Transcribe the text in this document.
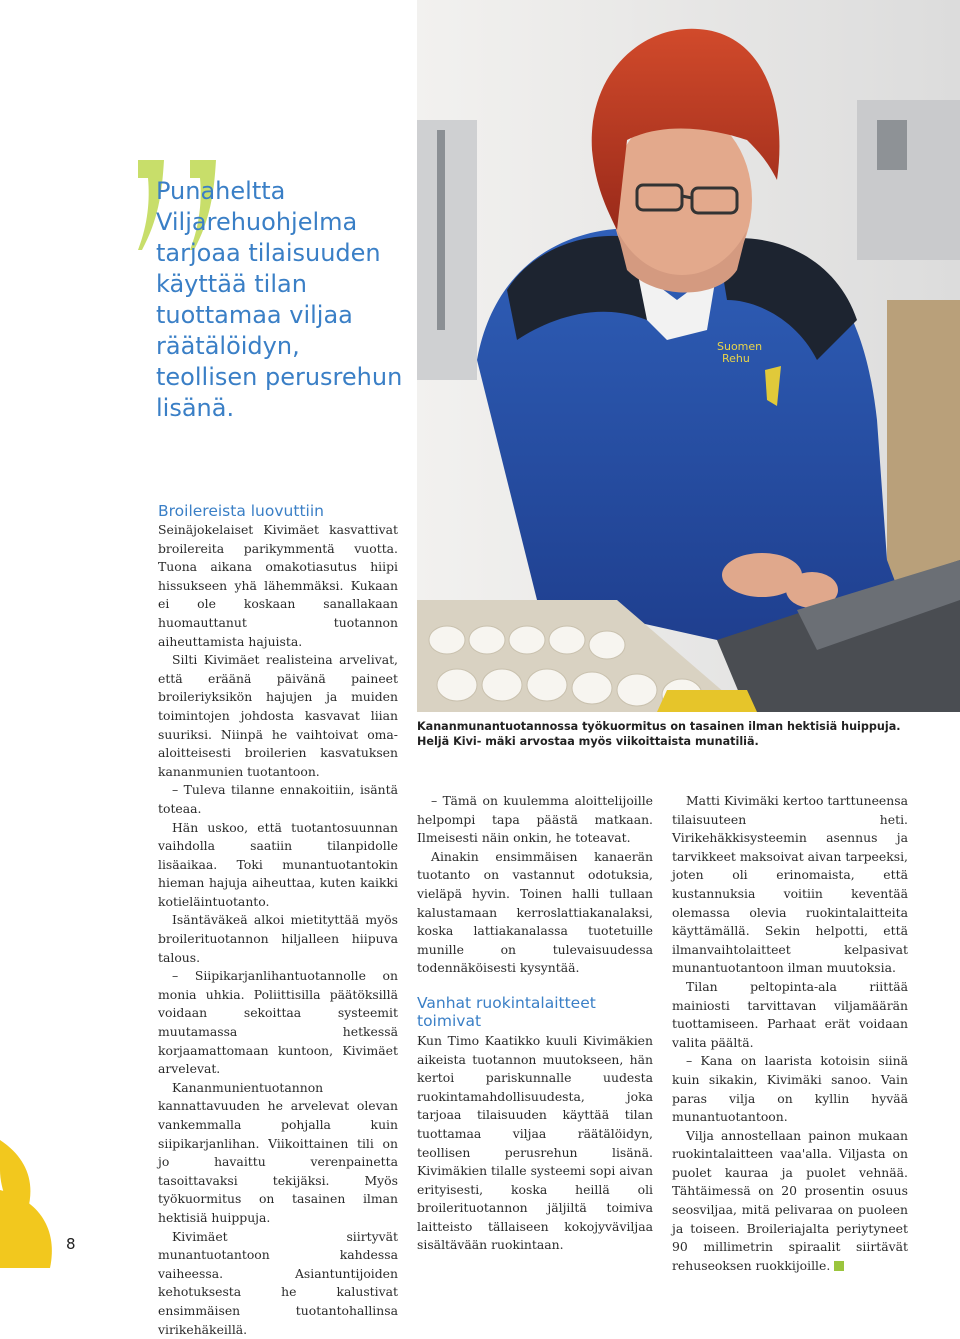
Punaheltta Viljarehuohjelma tarjoaa tilaisuuden käyttää tilan tuottamaa viljaa räätälöidyn, teollisen perusrehun lisänä.
Suomen
Rehu
Kananmunantuotannossa työkuormitus on tasainen ilman hektisiä huippuja. Heljä Kivi- mäki arvostaa myös viikoittaista munatiliä.
Broilereista luovuttiin

Seinäjokelaiset Kivimäet kasvattivat broilereita parikymmentä vuotta. Tuona aikana omakotiasutus hiipi hissukseen yhä lähemmäksi. Kukaan ei ole koskaan sanallakaan huomauttanut tuotannon aiheuttamista hajuista.

Silti Kivimäet realisteina arvelivat, että eräänä päivänä paineet broileriyksikön hajujen ja muiden toimintojen johdosta kasvavat liian suuriksi. Niinpä he vaihtoivat oma-aloitteisesti broilerien kasvatuksen kananmunien tuotantoon.

– Tuleva tilanne ennakoitiin, isäntä toteaa.

Hän uskoo, että tuotantosuunnan vaihdolla saatiin tilanpidolle lisäaikaa. Toki munantuotantokin hieman hajuja aiheuttaa, kuten kaikki kotieläintuotanto.

Isäntäväkeä alkoi mietityttää myös broilerituotannon hiljalleen hiipuva talous.

– Siipikarjanlihantuotannolle on monia uhkia. Poliittisilla päätöksillä voidaan sekoittaa systeemit muutamassa hetkessä korjaamattomaan kuntoon, Kivimäet arvelevat.

Kananmunientuotannon kannattavuuden he arvelevat olevan vankemmalla pohjalla kuin siipikarjanlihan. Viikoittainen tili on jo havaittu verenpainetta tasoittavaksi tekijäksi. Myös työkuormitus on tasainen ilman hektisiä huippuja.

Kivimäet siirtyvät munantuotantoon kahdessa vaiheessa. Asiantuntijoiden kehotuksesta he kalustivat ensimmäisen tuotantohallinsa virikehäkeillä.

– Tämä on kuulemma aloittelijoille helpompi tapa päästä matkaan. Ilmeisesti näin onkin, he toteavat.

Ainakin ensimmäisen kanaerän tuotanto on vastannut odotuksia, vieläpä hyvin. Toinen halli tullaan kalustamaan kerroslattiakanalaksi, koska lattiakanalassa tuotetuille munille on tulevaisuudessa todennäköisesti kysyntää.

Vanhat ruokintalaitteet toimivat

Kun Timo Kaatikko kuuli Kivimäkien aikeista tuotannon muutokseen, hän kertoi pariskunnalle uudesta ruokintamahdollisuudesta, joka tarjoaa tilaisuuden käyttää tilan tuottamaa viljaa räätälöidyn, teollisen perusrehun lisänä. Kivimäkien tilalle systeemi sopi aivan erityisesti, koska heillä oli broilerituotannon jäljiltä toimiva laitteisto tällaiseen kokojyväviljaa sisältävään ruokintaan.

Matti Kivimäki kertoo tarttuneensa tilaisuuteen heti. Virikehäkkisysteemin asennus ja tarvikkeet maksoivat aivan tarpeeksi, joten oli erinomaista, että kustannuksia voitiin keventää olemassa olevia ruokintalaitteita käyttämällä. Sekin helpotti, että ilmanvaihtolaitteet kelpasivat munantuotantoon ilman muutoksia.

Tilan peltopinta-ala riittää mainiosti tarvittavan viljamäärän tuottamiseen. Parhaat erät voidaan valita päältä.

– Kana on laarista kotoisin siinä kuin sikakin, Kivimäki sanoo. Vain paras vilja on kyllin hyvää munantuotantoon.

Vilja annostellaan painon mukaan ruokintalaitteen vaa'alla. Viljasta on puolet kauraa ja puolet vehnää. Tähtäimessä on 20 prosentin osuus seosviljaa, mitä pelivaraa on puoleen ja toiseen. Broileriajalta periytyneet 90 millimetrin spiraalit siirtävät rehuseoksen ruokkijoille.

8
